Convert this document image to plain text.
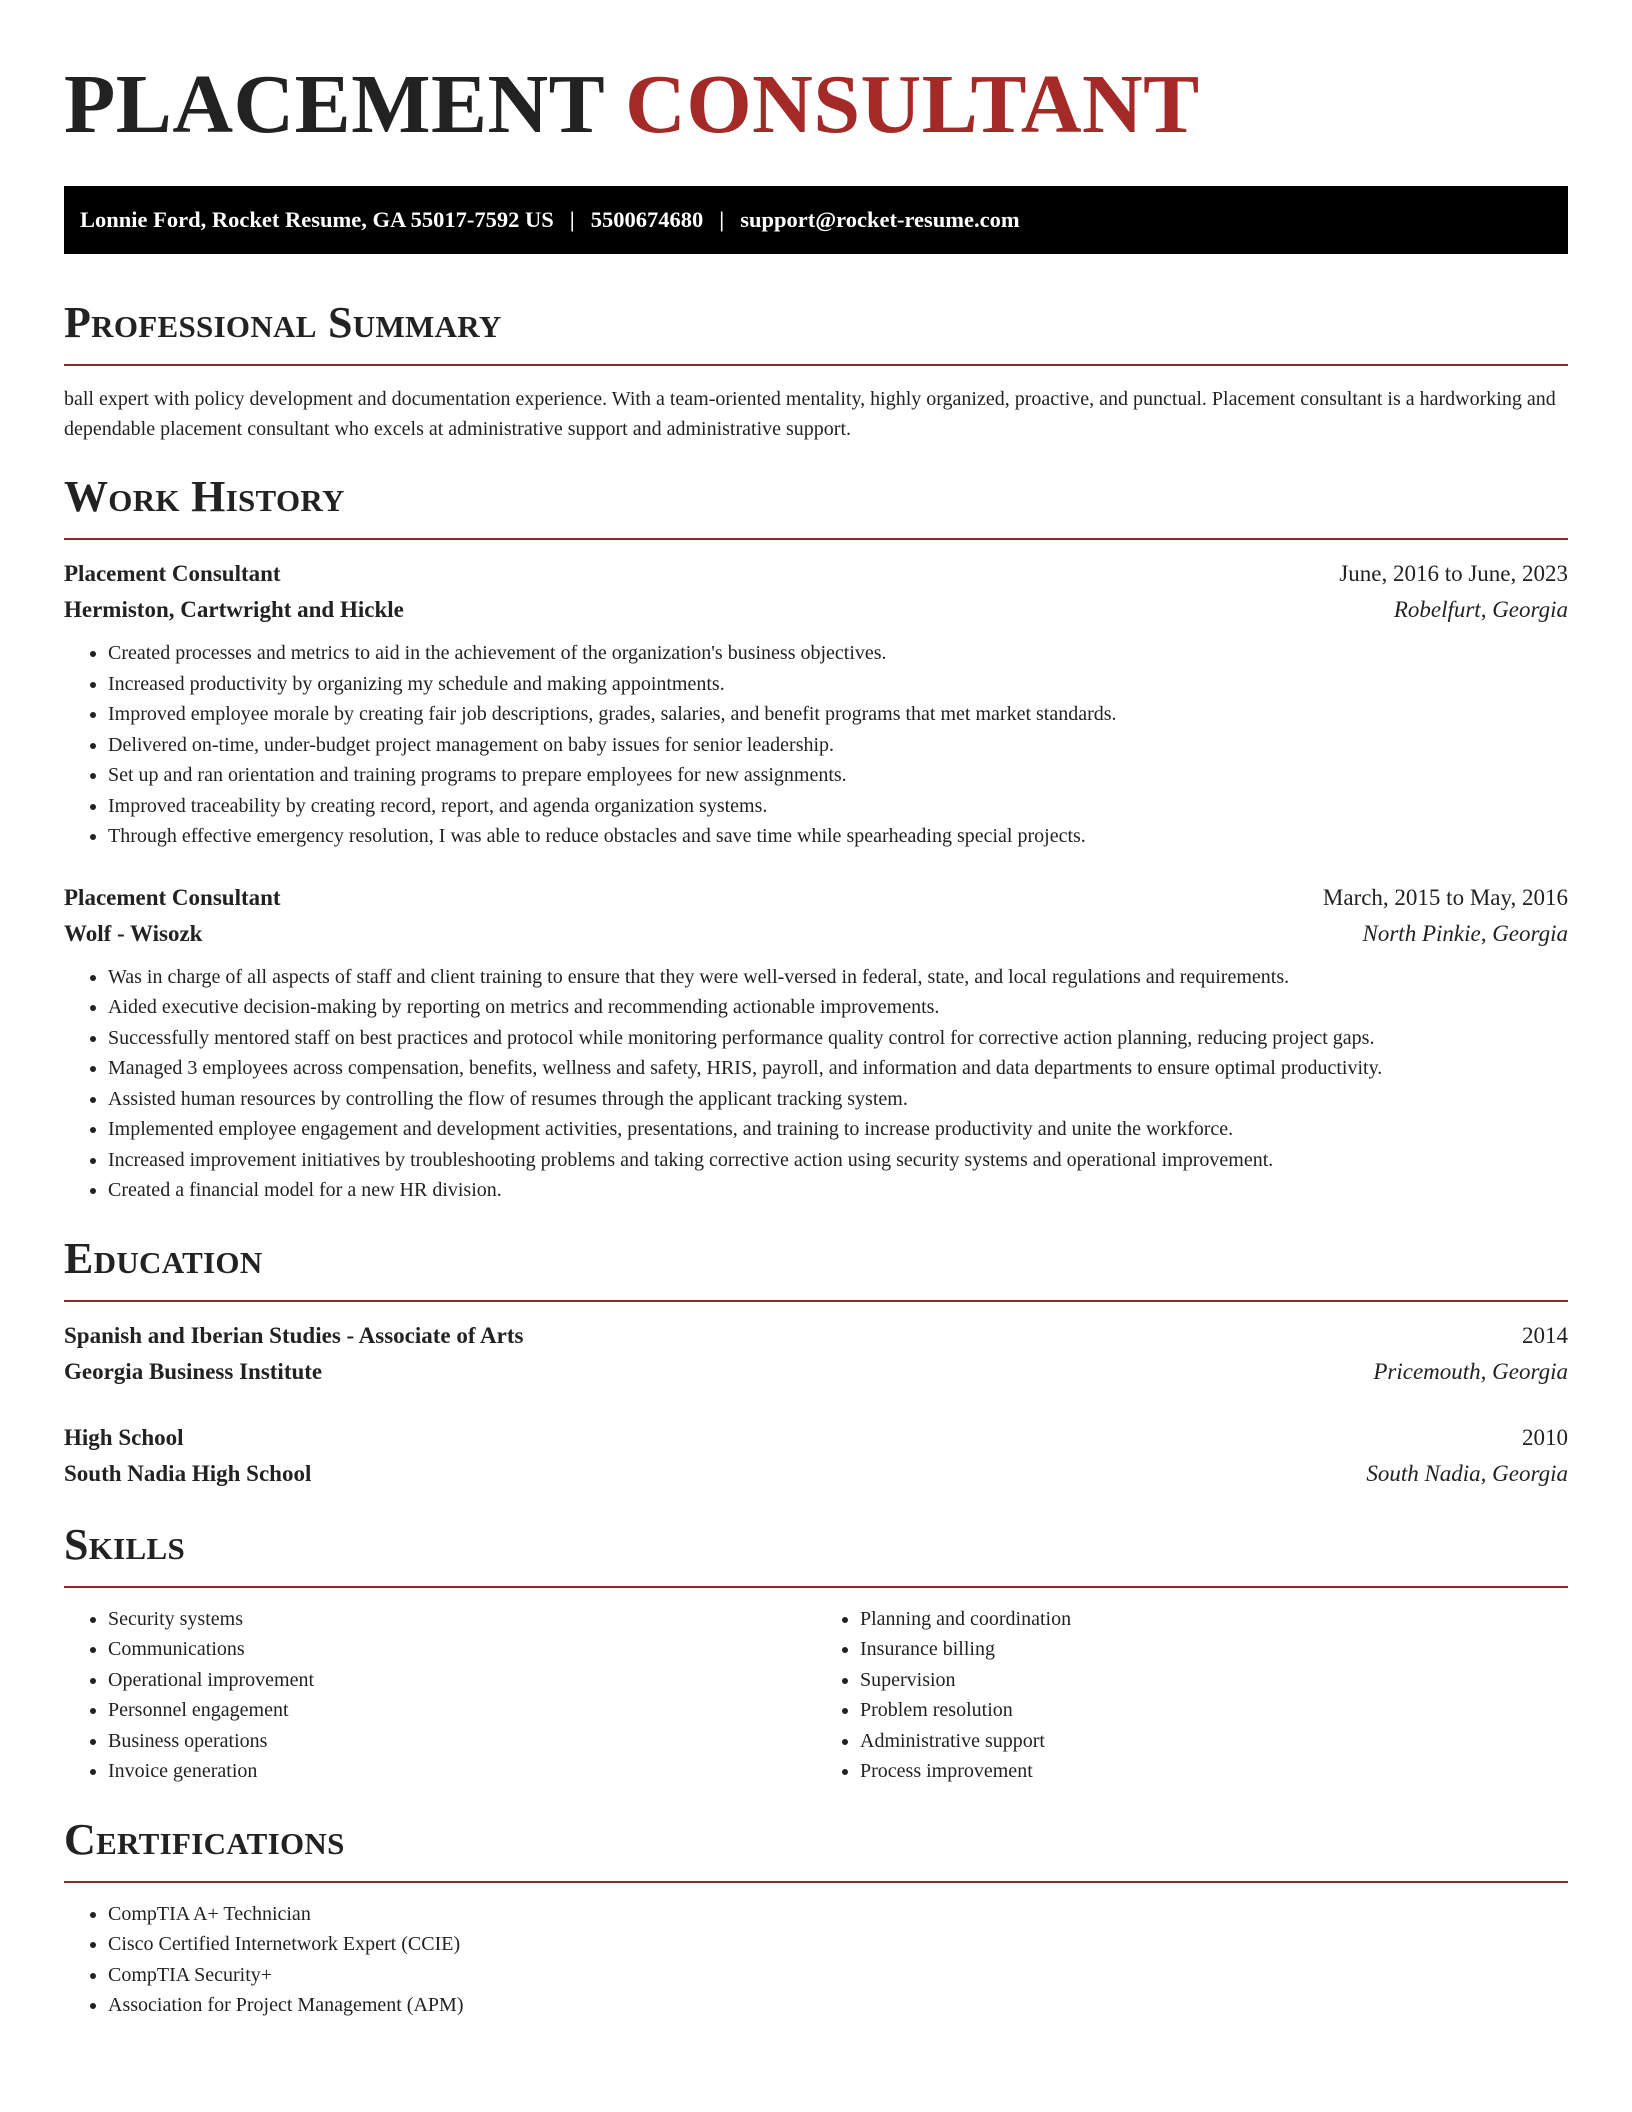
PLACEMENT CONSULTANT
Lonnie Ford, Rocket Resume, GA 55017-7592 US | 5500674680 | support@rocket-resume.com
Professional Summary
ball expert with policy development and documentation experience. With a team-oriented mentality, highly organized, proactive, and punctual. Placement consultant is a hardworking and dependable placement consultant who excels at administrative support and administrative support.
Work History
Placement Consultant	June, 2016 to June, 2023
Hermiston, Cartwright and Hickle	Robelfurt, Georgia
• Created processes and metrics to aid in the achievement of the organization's business objectives.
• Increased productivity by organizing my schedule and making appointments.
• Improved employee morale by creating fair job descriptions, grades, salaries, and benefit programs that met market standards.
• Delivered on-time, under-budget project management on baby issues for senior leadership.
• Set up and ran orientation and training programs to prepare employees for new assignments.
• Improved traceability by creating record, report, and agenda organization systems.
• Through effective emergency resolution, I was able to reduce obstacles and save time while spearheading special projects.
Placement Consultant	March, 2015 to May, 2016
Wolf - Wisozk	North Pinkie, Georgia
• Was in charge of all aspects of staff and client training to ensure that they were well-versed in federal, state, and local regulations and requirements.
• Aided executive decision-making by reporting on metrics and recommending actionable improvements.
• Successfully mentored staff on best practices and protocol while monitoring performance quality control for corrective action planning, reducing project gaps.
• Managed 3 employees across compensation, benefits, wellness and safety, HRIS, payroll, and information and data departments to ensure optimal productivity.
• Assisted human resources by controlling the flow of resumes through the applicant tracking system.
• Implemented employee engagement and development activities, presentations, and training to increase productivity and unite the workforce.
• Increased improvement initiatives by troubleshooting problems and taking corrective action using security systems and operational improvement.
• Created a financial model for a new HR division.
Education
Spanish and Iberian Studies - Associate of Arts	2014
Georgia Business Institute	Pricemouth, Georgia
High School	2010
South Nadia High School	South Nadia, Georgia
Skills
• Security systems
• Communications
• Operational improvement
• Personnel engagement
• Business operations
• Invoice generation
• Planning and coordination
• Insurance billing
• Supervision
• Problem resolution
• Administrative support
• Process improvement
Certifications
• CompTIA A+ Technician
• Cisco Certified Internetwork Expert (CCIE)
• CompTIA Security+
• Association for Project Management (APM)
